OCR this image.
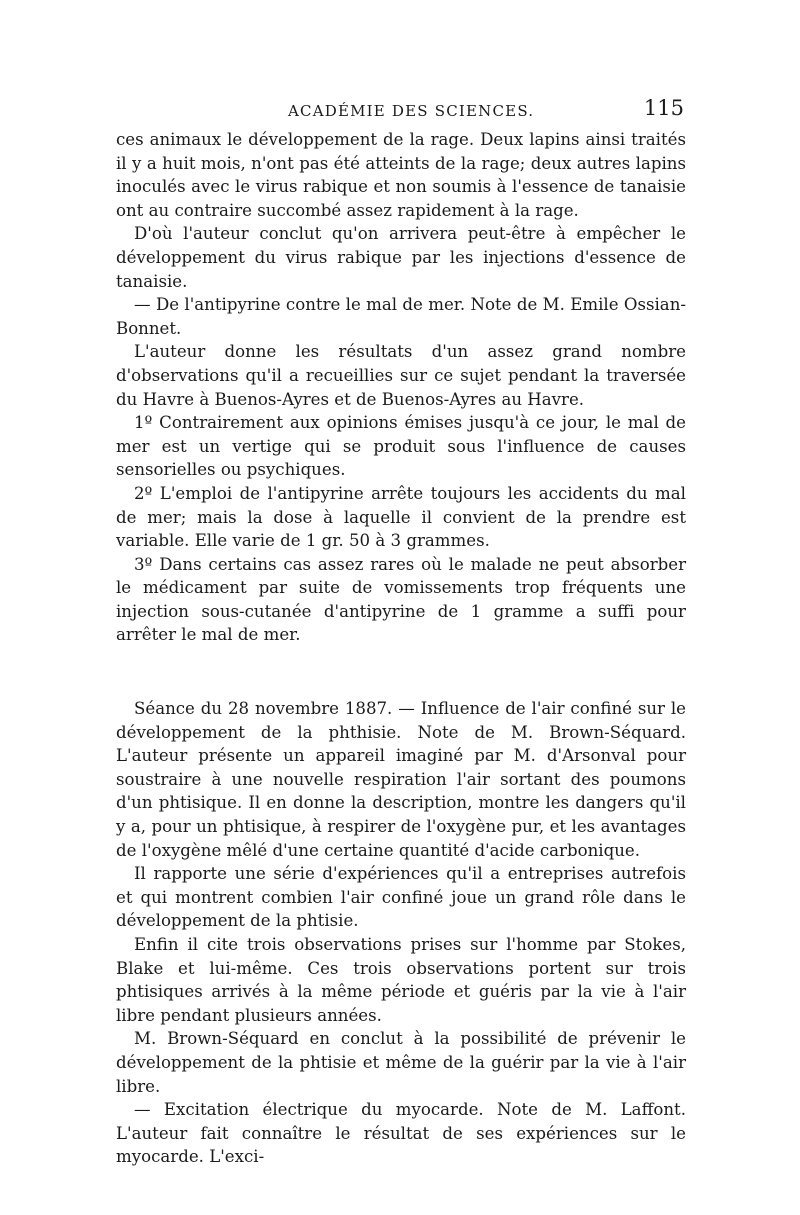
ACADÉMIE DES SCIENCES.	115

ces animaux le développement de la rage. Deux lapins ainsi traités il y a huit mois, n'ont pas été atteints de la rage; deux autres lapins inoculés avec le virus rabique et non soumis à l'essence de tanaisie ont au contraire succombé assez rapidement à la rage.

D'où l'auteur conclut qu'on arrivera peut-être à empêcher le développement du virus rabique par les injections d'essence de tanaisie.

— De l'antipyrine contre le mal de mer. Note de M. Emile Ossian-Bonnet.

L'auteur donne les résultats d'un assez grand nombre d'observations qu'il a recueillies sur ce sujet pendant la traversée du Havre à Buenos-Ayres et de Buenos-Ayres au Havre.

1º Contrairement aux opinions émises jusqu'à ce jour, le mal de mer est un vertige qui se produit sous l'influence de causes sensorielles ou psychiques.

2º L'emploi de l'antipyrine arrête toujours les accidents du mal de mer; mais la dose à laquelle il convient de la prendre est variable. Elle varie de 1 gr. 50 à 3 grammes.

3º Dans certains cas assez rares où le malade ne peut absorber le médicament par suite de vomissements trop fréquents une injection sous-cutanée d'antipyrine de 1 gramme a suffi pour arrêter le mal de mer.

Séance du 28 novembre 1887. — Influence de l'air confiné sur le développement de la phthisie. Note de M. Brown-Séquard. L'auteur présente un appareil imaginé par M. d'Arsonval pour soustraire à une nouvelle respiration l'air sortant des poumons d'un phtisique. Il en donne la description, montre les dangers qu'il y a, pour un phtisique, à respirer de l'oxygène pur, et les avantages de l'oxygène mêlé d'une certaine quantité d'acide carbonique.

Il rapporte une série d'expériences qu'il a entreprises autrefois et qui montrent combien l'air confiné joue un grand rôle dans le développement de la phtisie.

Enfin il cite trois observations prises sur l'homme par Stokes, Blake et lui-même. Ces trois observations portent sur trois phtisiques arrivés à la même période et guéris par la vie à l'air libre pendant plusieurs années.

M. Brown-Séquard en conclut à la possibilité de prévenir le développement de la phtisie et même de la guérir par la vie à l'air libre.

— Excitation électrique du myocarde. Note de M. Laffont. L'auteur fait connaître le résultat de ses expériences sur le myocarde. L'exci-
